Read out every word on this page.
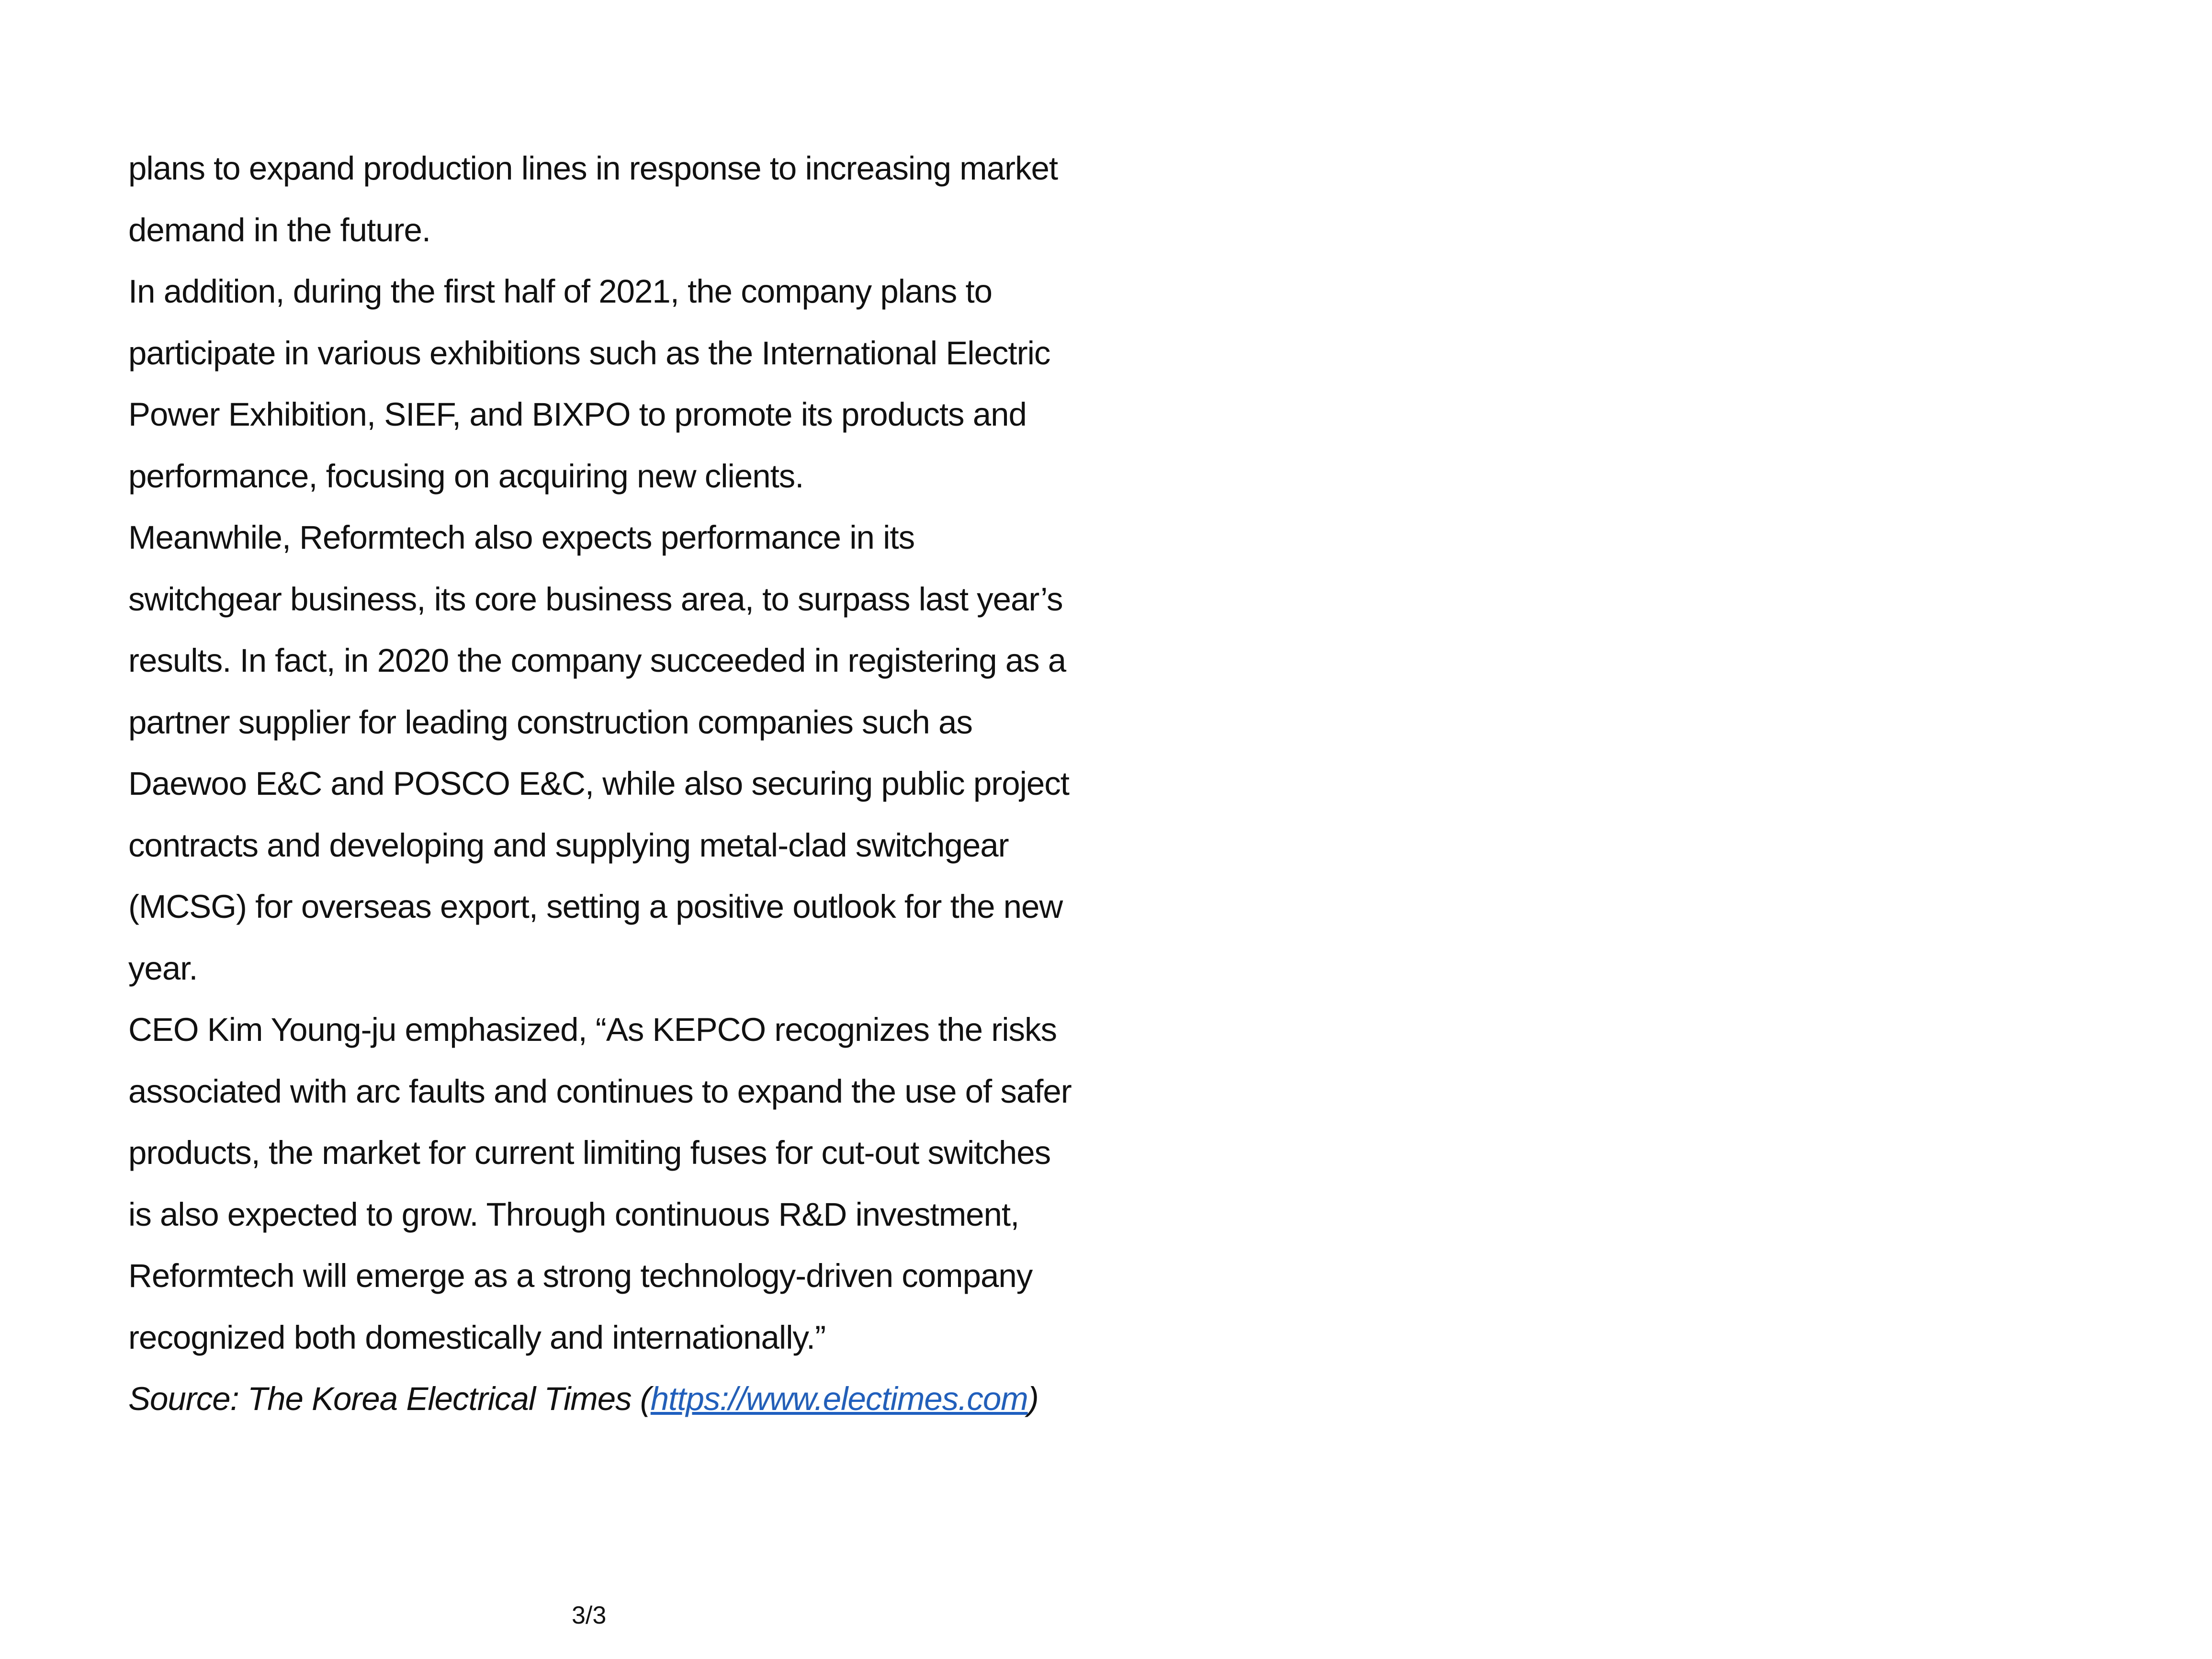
plans to expand production lines in response to increasing market
demand in the future.
In addition, during the first half of 2021, the company plans to
participate in various exhibitions such as the International Electric
Power Exhibition, SIEF, and BIXPO to promote its products and
performance, focusing on acquiring new clients.
Meanwhile, Reformtech also expects performance in its
switchgear business, its core business area, to surpass last year’s
results. In fact, in 2020 the company succeeded in registering as a
partner supplier for leading construction companies such as
Daewoo E&C and POSCO E&C, while also securing public project
contracts and developing and supplying metal-clad switchgear
(MCSG) for overseas export, setting a positive outlook for the new
year.
CEO Kim Young-ju emphasized, “As KEPCO recognizes the risks
associated with arc faults and continues to expand the use of safer
products, the market for current limiting fuses for cut-out switches
is also expected to grow. Through continuous R&D investment,
Reformtech will emerge as a strong technology-driven company
recognized both domestically and internationally.”
Source: The Korea Electrical Times (https://www.electimes.com)
3/3
